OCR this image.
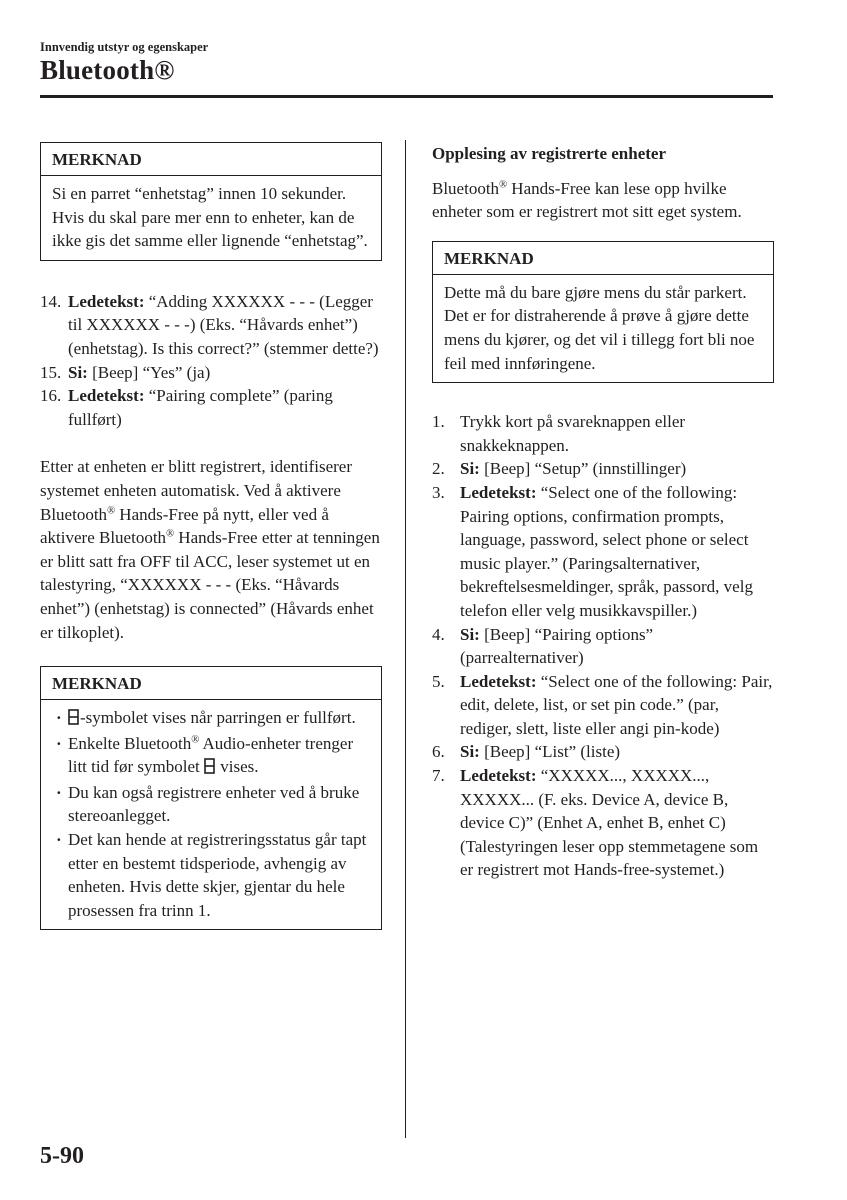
Innvendig utstyr og egenskaper
Bluetooth®
MERKNAD

Si en parret “enhetstag” innen 10 sekunder.

Hvis du skal pare mer enn to enheter, kan de ikke gis det samme eller lignende “enhetstag”.

14. Ledetekst: “Adding XXXXXX - - - (Legger til XXXXXX - - -) (Eks. “Håvards enhet”) (enhetstag). Is this correct?” (stemmer dette?)
15. Si: [Beep] “Yes” (ja)
16. Ledetekst: “Pairing complete” (paring fullført)

Etter at enheten er blitt registrert, identifiserer systemet enheten automatisk. Ved å aktivere Bluetooth® Hands-Free på nytt, eller ved å aktivere Bluetooth® Hands-Free etter at tenningen er blitt satt fra OFF til ACC, leser systemet ut en talestyring, “XXXXXX - - - (Eks. “Håvards enhet”) (enhetstag) is connected” (Håvards enhet er tilkoplet).

MERKNAD
· -symbolet vises når parringen er fullført.
· Enkelte Bluetooth® Audio-enheter trenger litt tid før symbolet  vises.
· Du kan også registrere enheter ved å bruke stereoanlegget.
· Det kan hende at registreringsstatus går tapt etter en bestemt tidsperiode, avhengig av enheten. Hvis dette skjer, gjentar du hele prosessen fra trinn 1.

Opplesing av registrerte enheter

Bluetooth® Hands-Free kan lese opp hvilke enheter som er registrert mot sitt eget system.

MERKNAD

Dette må du bare gjøre mens du står parkert. Det er for distraherende å prøve å gjøre dette mens du kjører, og det vil i tillegg fort bli noe feil med innføringene.

1. Trykk kort på svareknappen eller snakkeknappen.
2. Si: [Beep] “Setup” (innstillinger)
3. Ledetekst: “Select one of the following: Pairing options, confirmation prompts, language, password, select phone or select music player.” (Paringsalternativer, bekreftelsesmeldinger, språk, passord, velg telefon eller velg musikkavspiller.)
4. Si: [Beep] “Pairing options” (parrealternativer)
5. Ledetekst: “Select one of the following: Pair, edit, delete, list, or set pin code.” (par, rediger, slett, liste eller angi pin-kode)
6. Si: [Beep] “List” (liste)
7. Ledetekst: “XXXXX..., XXXXX..., XXXXX... (F. eks. Device A, device B, device C)” (Enhet A, enhet B, enhet C) (Talestyringen leser opp stemmetagene som er registrert mot Hands-free-systemet.)
5-90
